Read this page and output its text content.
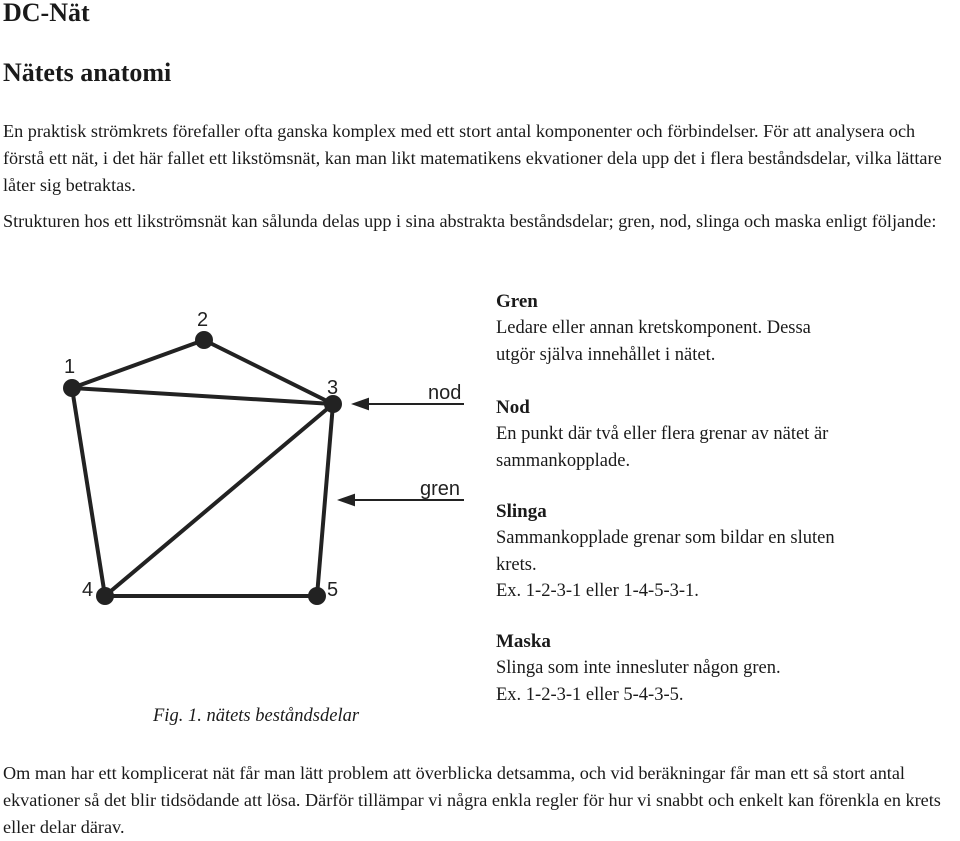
DC-Nät
Nätets anatomi

En praktisk strömkrets förefaller ofta ganska komplex med ett stort antal komponenter och förbindelser. För att analysera och förstå ett nät, i det här fallet ett likstömsnät, kan man likt matematikens ekvationer dela upp det i flera beståndsdelar, vilka lättare låter sig betraktas.

Strukturen hos ett likströmsnät kan sålunda delas upp i sina abstrakta beståndsdelar; gren, nod, slinga och maska enligt följande:

1
2
3
4	5
nod
gren
Fig. 1. nätets beståndsdelar
Gren
Ledare eller annan kretskomponent. Dessa
utgör själva innehållet i nätet.
Nod
En punkt där två eller flera grenar av nätet är
sammankopplade.
Slinga
Sammankopplade grenar som bildar en sluten
krets.
Ex. 1-2-3-1 eller 1-4-5-3-1.
Maska
Slinga som inte innesluter någon gren.
Ex. 1-2-3-1 eller 5-4-3-5.

Om man har ett komplicerat nät får man lätt problem att överblicka detsamma, och vid beräkningar får man ett så stort antal ekvationer så det blir tidsödande att lösa. Därför tillämpar vi några enkla regler för hur vi snabbt och enkelt kan förenkla en krets eller delar därav.
